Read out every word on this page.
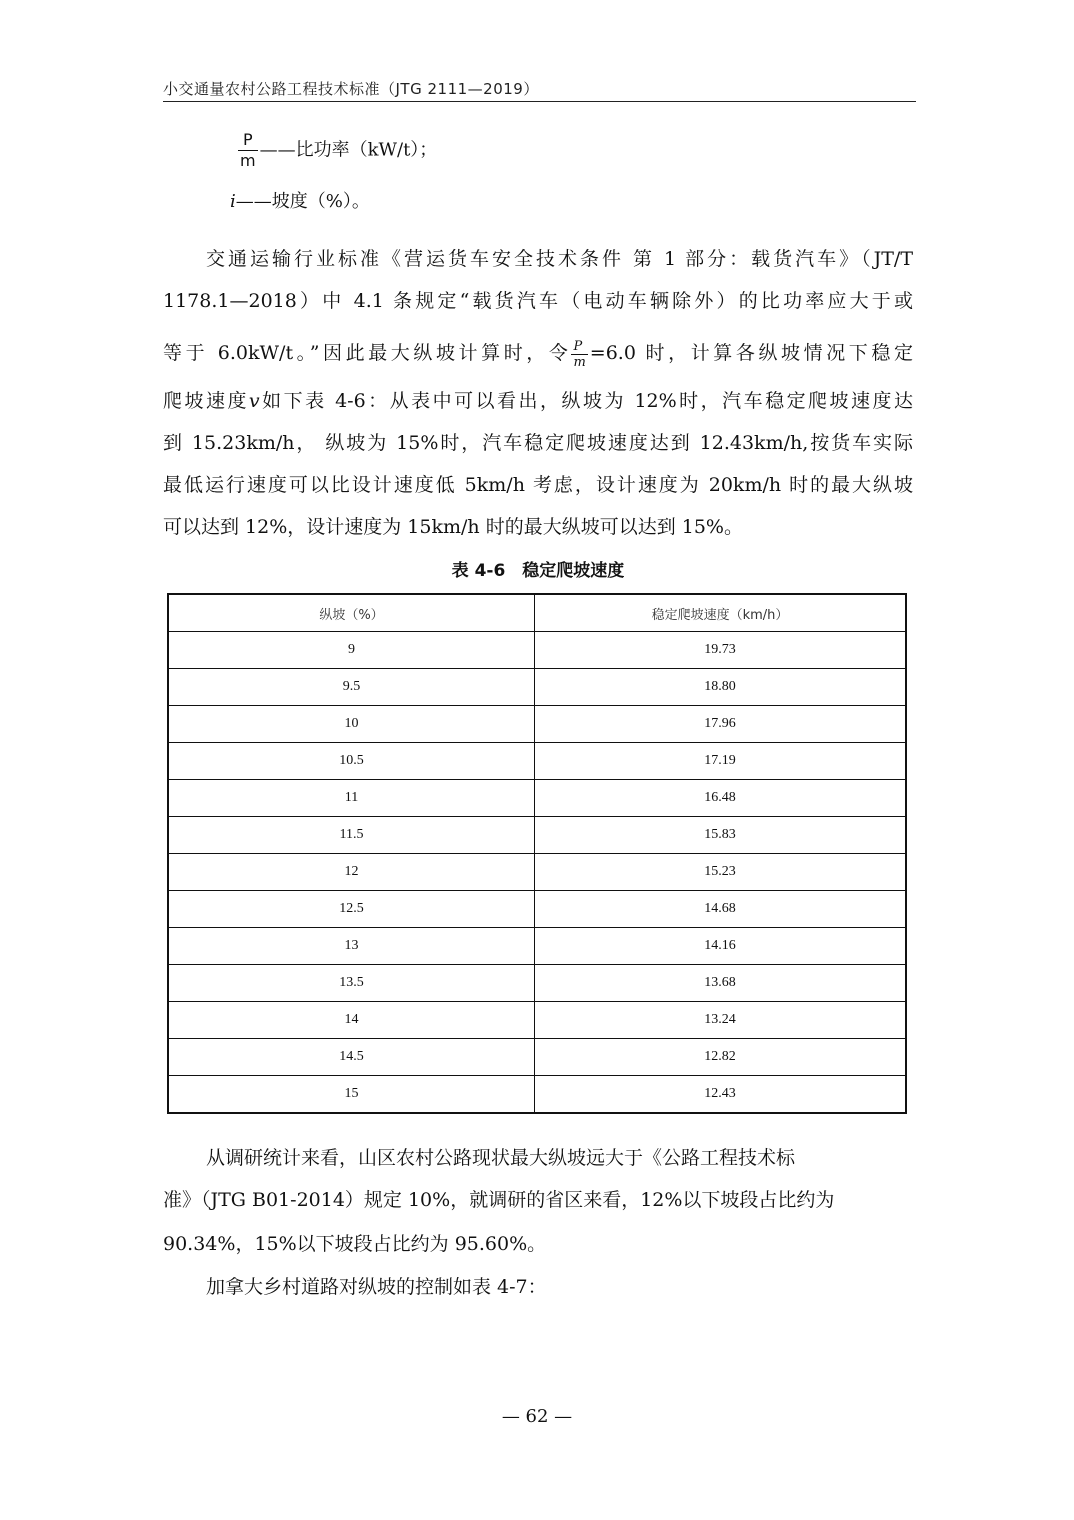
小交通量农村公路工程技术标准（JTG 2111—2019）
$\frac{P}{m}$ ——比功率（kW/t）；
i——坡度（%）。
交通运输行业标准《营运货车安全技术条件 第 1 部分：载货汽车》（JT/T
1178.1—2018）中 4.1 条规定“载货汽车（电动车辆除外）的比功率应大于或
等于 6.0kW/t。”因此最大纵坡计算时，令 $\frac{P}{m} =6.0$ 时，计算各纵坡情况下稳定
爬坡速度v如下表 4-6：从表中可以看出，纵坡为 12%时，汽车稳定爬坡速度达
到 15.23km/h， 纵坡为 15%时，汽车稳定爬坡速度达到 12.43km/h,按货车实际
最低运行速度可以比设计速度低 5km/h 考虑，设计速度为 20km/h 时的最大纵坡
可以达到 12%，设计速度为 15km/h 时的最大纵坡可以达到 15%。
表 4-6　稳定爬坡速度
纵坡（%）	稳定爬坡速度（km/h）
9	19.73
9.5	18.80
10	17.96
10.5	17.19
11	16.48
11.5	15.83
12	15.23
12.5	14.68
13	14.16
13.5	13.68
14	13.24
14.5	12.82
15	12.43
从调研统计来看，山区农村公路现状最大纵坡远大于《公路工程技术标
准》（JTG B01-2014）规定 10%，就调研的省区来看，12%以下坡段占比约为
90.34%，15%以下坡段占比约为 95.60%。
加拿大乡村道路对纵坡的控制如表 4-7：
— 62 —
